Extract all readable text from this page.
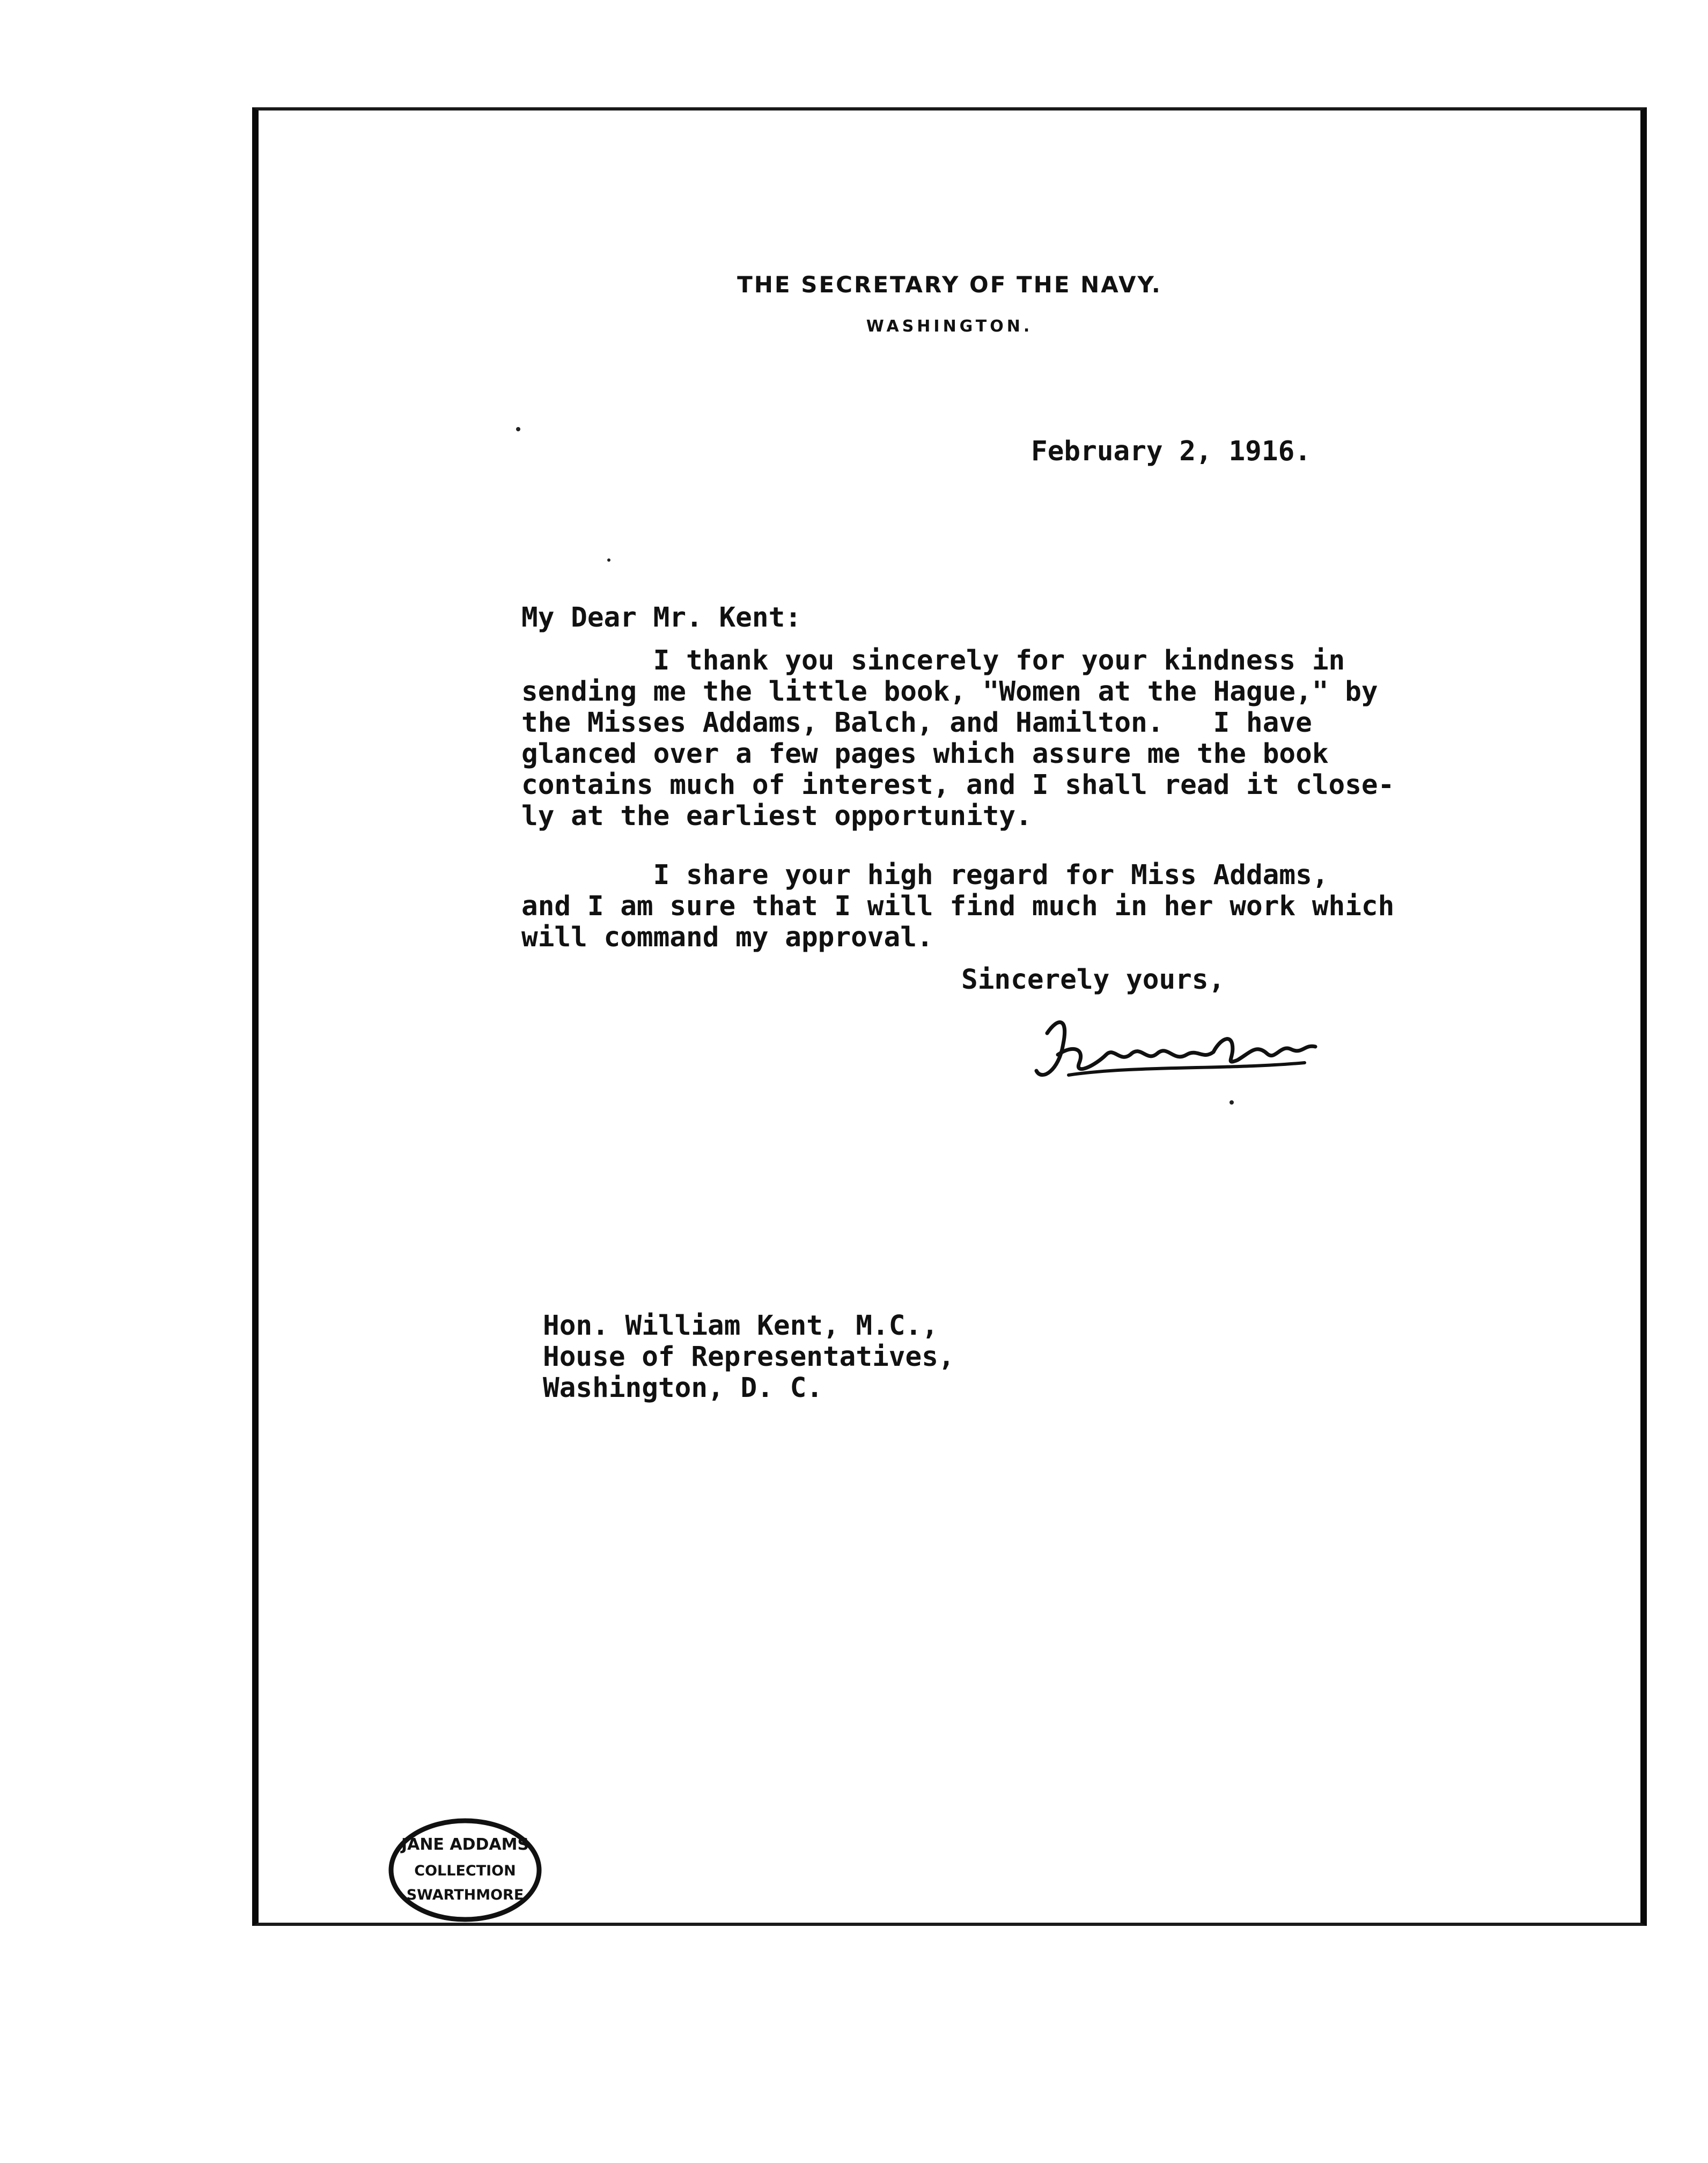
THE SECRETARY OF THE NAVY.
WASHINGTON.
February 2, 1916.
My Dear Mr. Kent:
I thank you sincerely for your kindness in
sending me the little book, "Women at the Hague," by
the Misses Addams, Balch, and Hamilton.   I have
glanced over a few pages which assure me the book
contains much of interest, and I shall read it close-
ly at the earliest opportunity.
I share your high regard for Miss Addams,
and I am sure that I will find much in her work which
will command my approval.
Sincerely yours,
Hon. William Kent, M.C.,
House of Representatives,
Washington, D. C.
JANE ADDAMS
COLLECTION
SWARTHMORE
